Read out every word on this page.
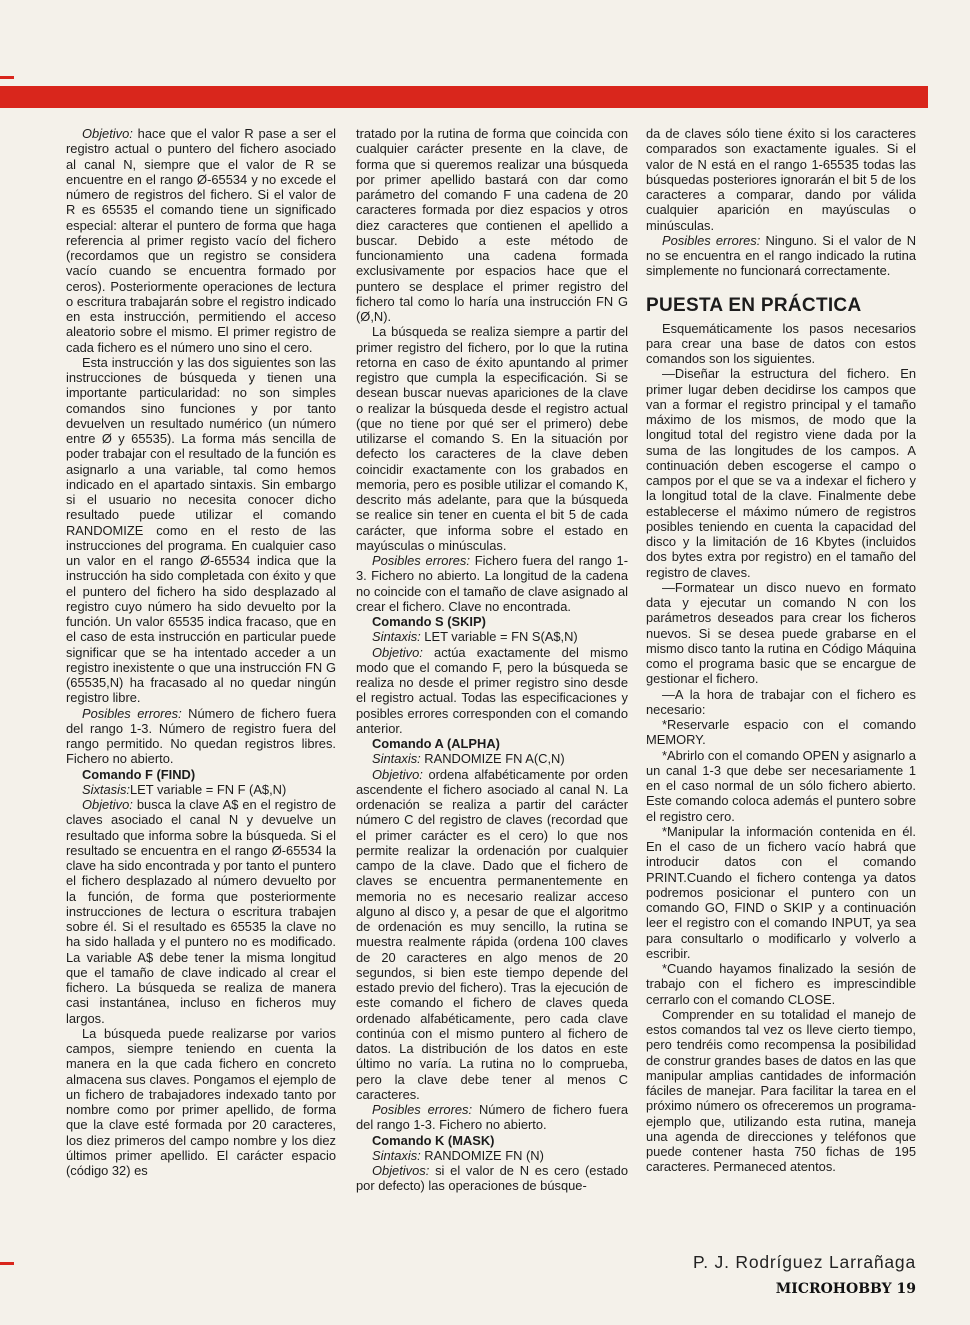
Objetivo: hace que el valor R pase a ser el registro actual o puntero del fichero asociado al canal N, siempre que el valor de R se encuentre en el rango Ø-65534 y no excede el número de registros del fichero. Si el valor de R es 65535 el comando tiene un significado especial: alterar el puntero de forma que haga referencia al primer registo vacío del fichero (recordamos que un registro se considera vacío cuando se encuentra formado por ceros). Posteriormente operaciones de lectura o escritura trabajarán sobre el registro indicado en esta instrucción, permitiendo el acceso aleatorio sobre el mismo. El primer registro de cada fichero es el número uno sino el cero.

Esta instrucción y las dos siguientes son las instrucciones de búsqueda y tienen una importante particularidad: no son simples comandos sino funciones y por tanto devuelven un resultado numérico (un número entre Ø y 65535). La forma más sencilla de poder trabajar con el resultado de la función es asignarlo a una variable, tal como hemos indicado en el apartado sintaxis. Sin embargo si el usuario no necesita conocer dicho resultado puede utilizar el comando RANDOMIZE como en el resto de las instrucciones del programa. En cualquier caso un valor en el rango Ø-65534 indica que la instrucción ha sido completada con éxito y que el puntero del fichero ha sido desplazado al registro cuyo número ha sido devuelto por la función. Un valor 65535 indica fracaso, que en el caso de esta instrucción en particular puede significar que se ha intentado acceder a un registro inexistente o que una instrucción FN G (65535,N) ha fracasado al no quedar ningún registro libre.

Posibles errores: Número de fichero fuera del rango 1-3. Número de registro fuera del rango permitido. No quedan registros libres. Fichero no abierto.

Comando F (FIND)

Sixtasis:LET variable = FN F (A$,N)

Objetivo: busca la clave A$ en el registro de claves asociado el canal N y devuelve un resultado que informa sobre la búsqueda. Si el resultado se encuentra en el rango Ø-65534 la clave ha sido encontrada y por tanto el puntero el fichero desplazado al número devuelto por la función, de forma que posteriormente instrucciones de lectura o escritura trabajen sobre él. Si el resultado es 65535 la clave no ha sido hallada y el puntero no es modificado. La variable A$ debe tener la misma longitud que el tamaño de clave indicado al crear el fichero. La búsqueda se realiza de manera casi instantánea, incluso en ficheros muy largos.

La búsqueda puede realizarse por varios campos, siempre teniendo en cuenta la manera en la que cada fichero en concreto almacena sus claves. Pongamos el ejemplo de un fichero de trabajadores indexado tanto por nombre como por primer apellido, de forma que la clave esté formada por 20 caracteres, los diez primeros del campo nombre y los diez últimos primer apellido. El carácter espacio (código 32) es

tratado por la rutina de forma que coincida con cualquier carácter presente en la clave, de forma que si queremos realizar una búsqueda por primer apellido bastará con dar como parámetro del comando F una cadena de 20 caracteres formada por diez espacios y otros diez caracteres que contienen el apellido a buscar. Debido a este método de funcionamiento una cadena formada exclusivamente por espacios hace que el puntero se desplace el primer registro del fichero tal como lo haría una instrucción FN G (Ø,N).

La búsqueda se realiza siempre a partir del primer registro del fichero, por lo que la rutina retorna en caso de éxito apuntando al primer registro que cumpla la especificación. Si se desean buscar nuevas apariciones de la clave o realizar la búsqueda desde el registro actual (que no tiene por qué ser el primero) debe utilizarse el comando S. En la situación por defecto los caracteres de la clave deben coincidir exactamente con los grabados en memoria, pero es posible utilizar el comando K, descrito más adelante, para que la búsqueda se realice sin tener en cuenta el bit 5 de cada carácter, que informa sobre el estado en mayúsculas o minúsculas.

Posibles errores: Fichero fuera del rango 1-3. Fichero no abierto. La longitud de la cadena no coincide con el tamaño de clave asignado al crear el fichero. Clave no encontrada.

Comando S (SKIP)

Sintaxis: LET variable = FN S(A$,N)

Objetivo: actúa exactamente del mismo modo que el comando F, pero la búsqueda se realiza no desde el primer registro sino desde el registro actual. Todas las especificaciones y posibles errores corresponden con el comando anterior.

Comando A (ALPHA)

Sintaxis: RANDOMIZE FN A(C,N)

Objetivo: ordena alfabéticamente por orden ascendente el fichero asociado al canal N. La ordenación se realiza a partir del carácter número C del registro de claves (recordad que el primer carácter es el cero) lo que nos permite realizar la ordenación por cualquier campo de la clave. Dado que el fichero de claves se encuentra permanentemente en memoria no es necesario realizar acceso alguno al disco y, a pesar de que el algoritmo de ordenación es muy sencillo, la rutina se muestra realmente rápida (ordena 100 claves de 20 caracteres en algo menos de 20 segundos, si bien este tiempo depende del estado previo del fichero). Tras la ejecución de este comando el fichero de claves queda ordenado alfabéticamente, pero cada clave continúa con el mismo puntero al fichero de datos. La distribución de los datos en este último no varía. La rutina no lo comprueba, pero la clave debe tener al menos C caracteres.

Posibles errores: Número de fichero fuera del rango 1-3. Fichero no abierto.

Comando K (MASK)

Sintaxis: RANDOMIZE FN (N)

Objetivos: si el valor de N es cero (estado por defecto) las operaciones de búsque-

da de claves sólo tiene éxito si los caracteres comparados son exactamente iguales. Si el valor de N está en el rango 1-65535 todas las búsquedas posteriores ignorarán el bit 5 de los caracteres a comparar, dando por válida cualquier aparición en mayúsculas o minúsculas.

Posibles errores: Ninguno. Si el valor de N no se encuentra en el rango indicado la rutina simplemente no funcionará correctamente.

PUESTA EN PRÁCTICA

Esquemáticamente los pasos necesarios para crear una base de datos con estos comandos son los siguientes.

—Diseñar la estructura del fichero. En primer lugar deben decidirse los campos que van a formar el registro principal y el tamaño máximo de los mismos, de modo que la longitud total del registro viene dada por la suma de las longitudes de los campos. A continuación deben escogerse el campo o campos por el que se va a indexar el fichero y la longitud total de la clave. Finalmente debe establecerse el máximo número de registros posibles teniendo en cuenta la capacidad del disco y la limitación de 16 Kbytes (incluidos dos bytes extra por registro) en el tamaño del registro de claves.

—Formatear un disco nuevo en formato data y ejecutar un comando N con los parámetros deseados para crear los ficheros nuevos. Si se desea puede grabarse en el mismo disco tanto la rutina en Código Máquina como el programa basic que se encargue de gestionar el fichero.

—A la hora de trabajar con el fichero es necesario:

*Reservarle espacio con el comando MEMORY.

*Abrirlo con el comando OPEN y asignarlo a un canal 1-3 que debe ser necesariamente 1 en el caso normal de un sólo fichero abierto. Este comando coloca además el puntero sobre el registro cero.

*Manipular la información contenida en él. En el caso de un fichero vacío habrá que introducir datos con el comando PRINT.Cuando el fichero contenga ya datos podremos posicionar el puntero con un comando GO, FIND o SKIP y a continuación leer el registro con el comando INPUT, ya sea para consultarlo o modificarlo y volverlo a escribir.

*Cuando hayamos finalizado la sesión de trabajo con el fichero es imprescindible cerrarlo con el comando CLOSE.

Comprender en su totalidad el manejo de estos comandos tal vez os lleve cierto tiempo, pero tendréis como recompensa la posibilidad de construr grandes bases de datos en las que manipular amplias cantidades de información fáciles de manejar. Para facilitar la tarea en el próximo número os ofreceremos un programa-ejemplo que, utilizando esta rutina, maneja una agenda de direcciones y teléfonos que puede contener hasta 750 fichas de 195 caracteres. Permaneced atentos.

P. J. Rodríguez Larrañaga
MICROHOBBY 19
